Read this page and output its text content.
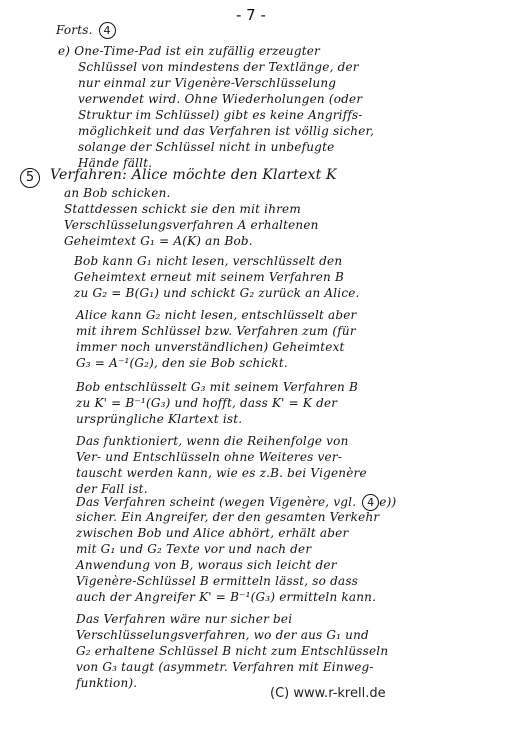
- 7 -
Forts. 4
e) One-Time-Pad ist ein zufällig erzeugter
Schlüssel von mindestens der Textlänge, der
nur einmal zur Vigenère-Verschlüsselung
verwendet wird. Ohne Wiederholungen (oder
Struktur im Schlüssel) gibt es keine Angriffs-
möglichkeit und das Verfahren ist völlig sicher,
solange der Schlüssel nicht in unbefugte
Hände fällt.
5	Verfahren: Alice möchte den Klartext K
an Bob schicken.
Stattdessen schickt sie den mit ihrem
Verschlüsselungsverfahren A erhaltenen
Geheimtext G₁ = A(K) an Bob.
Bob kann G₁ nicht lesen, verschlüsselt den
Geheimtext erneut mit seinem Verfahren B
zu G₂ = B(G₁) und schickt G₂ zurück an Alice.
Alice kann G₂ nicht lesen, entschlüsselt aber
mit ihrem Schlüssel bzw. Verfahren zum (für
immer noch unverständlichen) Geheimtext
G₃ = A⁻¹(G₂), den sie Bob schickt.
Bob entschlüsselt G₃ mit seinem Verfahren B
zu K' = B⁻¹(G₃) und hofft, dass K' = K der
ursprüngliche Klartext ist.
Das funktioniert, wenn die Reihenfolge von
Ver- und Entschlüsseln ohne Weiteres ver-
tauscht werden kann, wie es z.B. bei Vigenère
der Fall ist.
Das Verfahren scheint (wegen Vigenère, vgl. 4 e))
sicher. Ein Angreifer, der den gesamten Verkehr
zwischen Bob und Alice abhört, erhält aber
mit G₁ und G₂ Texte vor und nach der
Anwendung von B, woraus sich leicht der
Vigenère-Schlüssel B ermitteln lässt, so dass
auch der Angreifer K' = B⁻¹(G₃) ermitteln kann.
Das Verfahren wäre nur sicher bei
Verschlüsselungsverfahren, wo der aus G₁ und
G₂ erhaltene Schlüssel B nicht zum Entschlüsseln
von G₃ taugt (asymmetr. Verfahren mit Einweg-
funktion).
(C) www.r-krell.de
